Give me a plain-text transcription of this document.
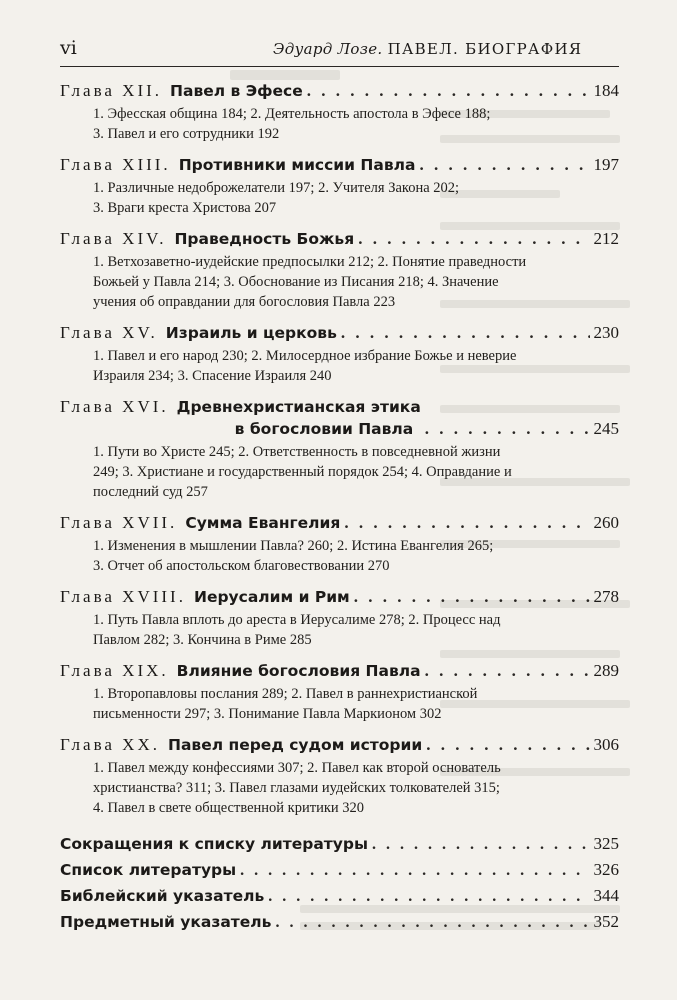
vi	Эдуард Лозе. ПАВЕЛ. БИОГРАФИЯ
Глава XII. Павел в Эфесе . . .	184

1. Эфесская община 184; 2. Деятельность апостола в Эфесе 188;

3. Павел и его сотрудники 192

Глава XIII. Противники миссии Павла . . .	197

1. Различные недоброжелатели 197; 2. Учителя Закона 202;

3. Враги креста Христова 207

Глава XIV. Праведность Божья . . .	212

1. Ветхозаветно-иудейские предпосылки 212; 2. Понятие праведности

Божьей у Павла 214; 3. Обоснование из Писания 218; 4. Значение

учения об оправдании для богословия Павла 223

Глава XV. Израиль и церковь . . .	230

1. Павел и его народ 230; 2. Милосердное избрание Божье и неверие

Израиля 234; 3. Спасение Израиля 240

Глава XVI. Древнехристианская этика
в богословии Павла . . .	245

1. Пути во Христе 245; 2. Ответственность в повседневной жизни

249; 3. Христиане и государственный порядок 254; 4. Оправдание и

последний суд 257

Глава XVII. Сумма Евангелия . . .	260

1. Изменения в мышлении Павла? 260; 2. Истина Евангелия 265;

3. Отчет об апостольском благовествовании 270

Глава XVIII. Иерусалим и Рим . . .	278

1. Путь Павла вплоть до ареста в Иерусалиме 278; 2. Процесс над

Павлом 282; 3. Кончина в Риме 285

Глава XIX. Влияние богословия Павла . . .	289

1. Второпавловы послания 289; 2. Павел в раннехристианской

письменности 297; 3. Понимание Павла Маркионом 302

Глава XX. Павел перед судом истории . . .	306

1. Павел между конфессиями 307; 2. Павел как второй основатель

христианства? 311; 3. Павел глазами иудейских толкователей 315;

4. Павел в свете общественной критики 320

Сокращения к списку литературы . . .	325
Список литературы . . .	326
Библейский указатель . . .	344
Предметный указатель . . .	352
